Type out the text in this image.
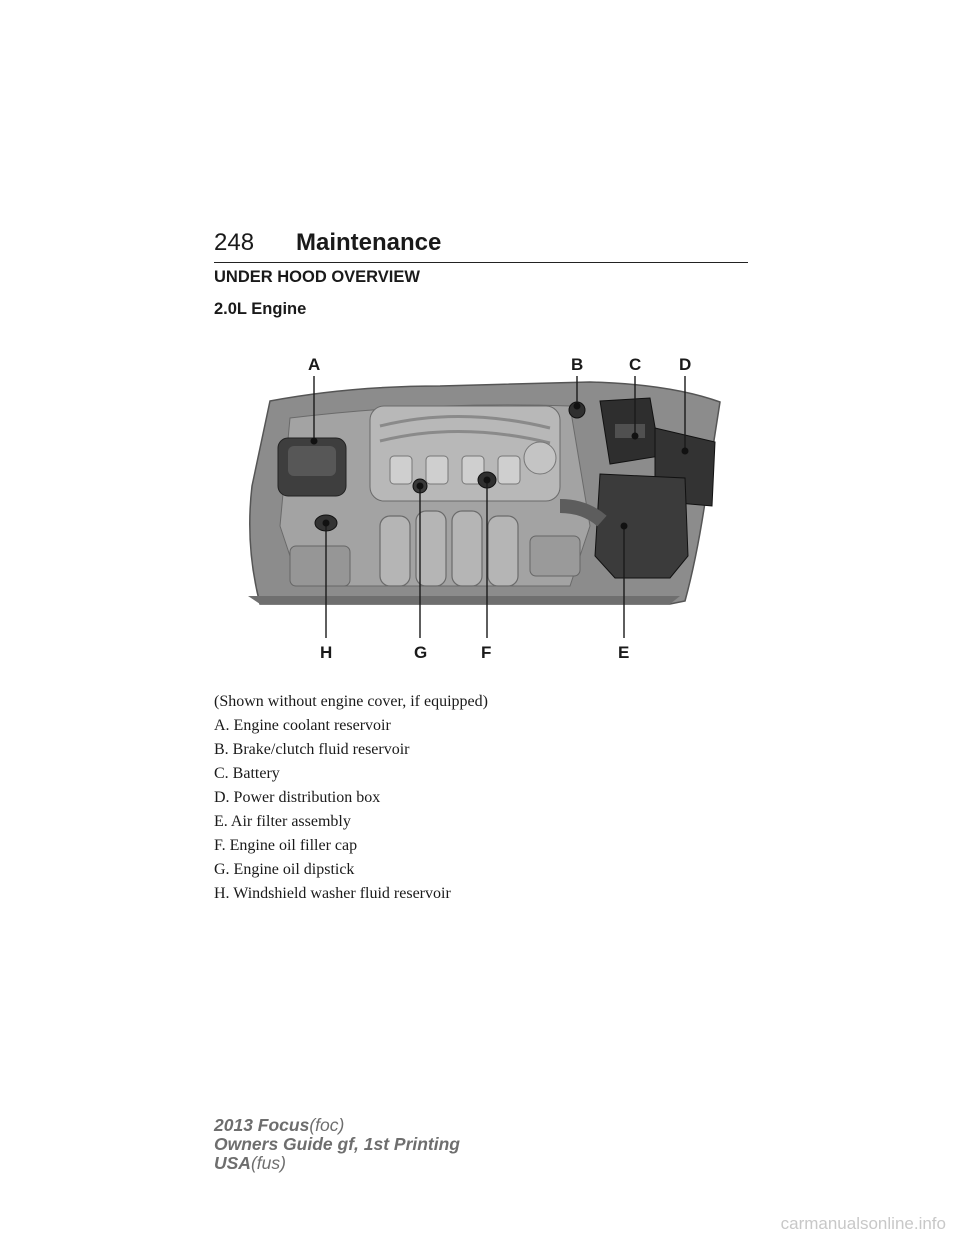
248 Maintenance
UNDER HOOD OVERVIEW
2.0L Engine
A	B	C D
H	G	F	E
(Shown without engine cover, if equipped)
A. Engine coolant reservoir
B. Brake/clutch fluid reservoir
C. Battery
D. Power distribution box
E. Air filter assembly
F. Engine oil filler cap
G. Engine oil dipstick
H. Windshield washer fluid reservoir
2013 Focus(foc)
Owners Guide gf, 1st Printing
USA(fus)
carmanualsonline.info
